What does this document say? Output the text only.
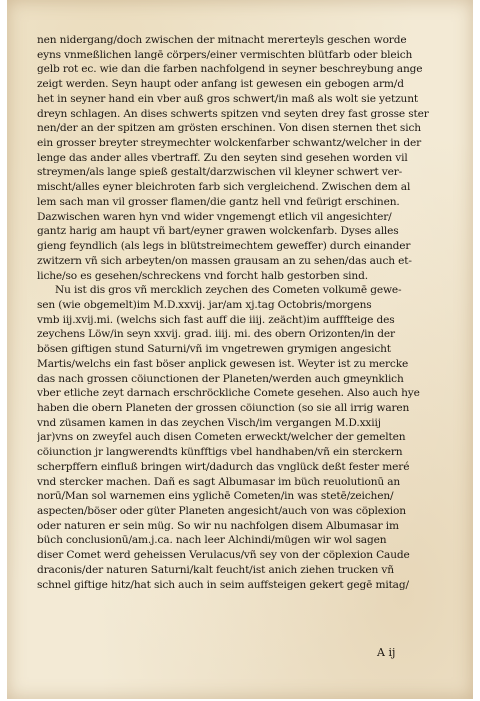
nen nidergang/doch zwischen der mitnacht mererteyls geschen worde
eyns vnmeßlichen langē cörpers/einer vermischten blütfarb oder bleich
gelb rot ec. wie dan die farben nachfolgend in seyner beschreybung ange
zeigt werden. Seyn haupt oder anfang ist gewesen ein gebogen arm/d
het in seyner hand ein vber auß gros schwert/in maß als wolt sie yetzunt
dreyn schlagen. An dises schwerts spitzen vnd seyten drey fast grosse ster
nen/der an der spitzen am grösten erschinen. Von disen sternen thet sich
ein grosser breyter streymechter wolckenfarber schwantz/welcher in der
lenge das ander alles vbertraff. Zu den seyten sind gesehen worden vil
streymen/als lange spieß gestalt/darzwischen vil kleyner schwert ver-
mischt/alles eyner bleichroten farb sich vergleichend. Zwischen dem al
lem sach man vil grosser flamen/die gantz hell vnd feürigt erschinen.
Dazwischen waren hyn vnd wider vngemengt etlich vil angesichter/
gantz harig am haupt vñ bart/eyner grawen wolckenfarb. Dyses alles
gieng feyndlich (als legs in blütstreimechtem geweffer) durch einander
zwitzern vñ sich arbeyten/on massen grausam an zu sehen/das auch et-
liche/so es gesehen/schreckens vnd forcht halb gestorben sind.
Nu ist dis gros vñ mercklich zeychen des Cometen volkumē gewe-
sen (wie obgemelt)im M.D.xxvij. jar/am xj.tag Octobris/morgens
vmb iij.xvij.mi. (welchs sich fast auff die iiij. zeächt)im aufffteige des
zeychens Löw/in seyn xxvij. grad. iiij. mi. des obern Orizonten/in der
bösen giftigen stund Saturni/vñ im vngetrewen grymigen angesicht
Martis/welchs ein fast böser anplick gewesen ist. Weyter ist zu mercke
das nach grossen cöiunctionen der Planeten/werden auch gmeynklich
vber etliche zeyt darnach erschröckliche Comete gesehen. Also auch hye
haben die obern Planeten der grossen cöiunction (so sie all irrig waren
vnd züsamen kamen in das zeychen Visch/im vergangen M.D.xxiij
jar)vns on zweyfel auch disen Cometen erweckt/welcher der gemelten
cöiunction jr langwerendts künfftigs vbel handhaben/vñ ein sterckern
scherpffern einfluß bringen wirt/dadurch das vnglück deßt fester meré
vnd stercker machen. Dañ es sagt Albumasar im büch reuolutionū an
norū/Man sol warnemen eins yglichē Cometen/in was stetē/zeichen/
aspecten/böser oder güter Planeten angesicht/auch von was cöplexion
oder naturen er sein müg. So wir nu nachfolgen disem Albumasar im
büch conclusionū/am.j.ca. nach leer Alchindi/mügen wir wol sagen
diser Comet werd geheissen Verulacus/vñ sey von der cöplexion Caude
draconis/der naturen Saturni/kalt feucht/ist anich ziehen trucken vñ
schnel giftige hitz/hat sich auch in seim auffsteigen gekert gegē mitag/
A ij
